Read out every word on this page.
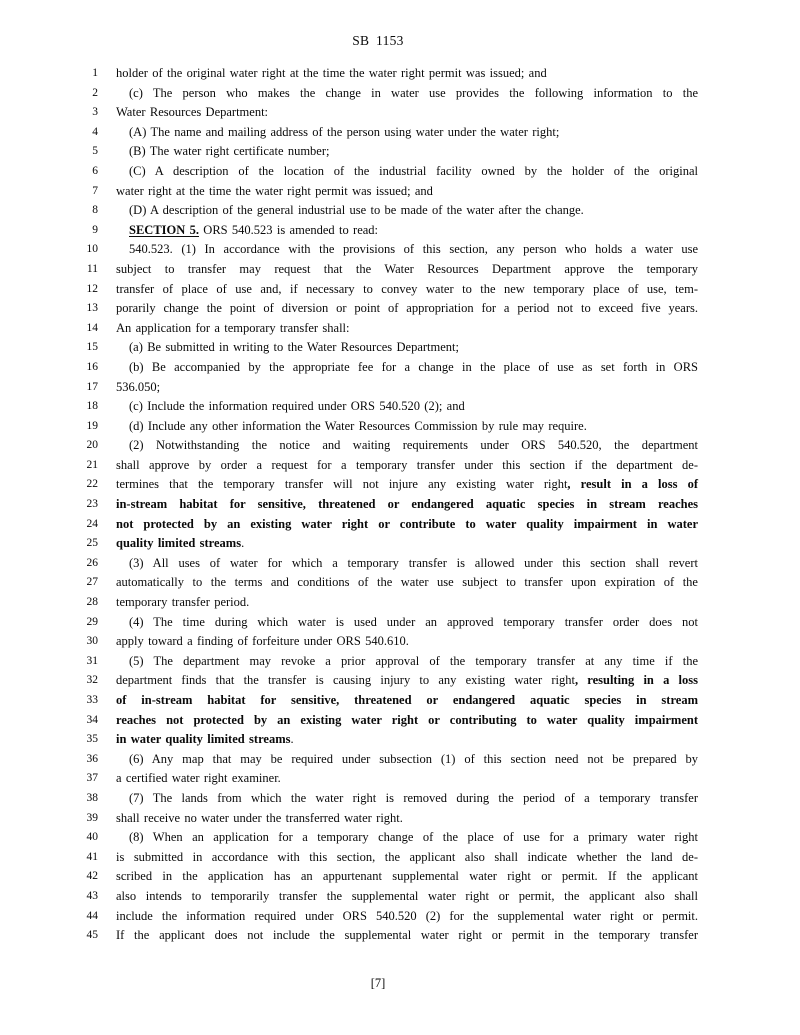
SB 1153
1 holder of the original water right at the time the water right permit was issued; and
2	(c) The person who makes the change in water use provides the following information to the
3 Water Resources Department:
4	(A) The name and mailing address of the person using water under the water right;
5	(B) The water right certificate number;
6	(C) A description of the location of the industrial facility owned by the holder of the original
7 water right at the time the water right permit was issued; and
8	(D) A description of the general industrial use to be made of the water after the change.
9	SECTION 5. ORS 540.523 is amended to read:
10	540.523. (1) In accordance with the provisions of this section, any person who holds a water use
11 subject to transfer may request that the Water Resources Department approve the temporary
12 transfer of place of use and, if necessary to convey water to the new temporary place of use, tem-
13 porarily change the point of diversion or point of appropriation for a period not to exceed five years.
14 An application for a temporary transfer shall:
15	(a) Be submitted in writing to the Water Resources Department;
16	(b) Be accompanied by the appropriate fee for a change in the place of use as set forth in ORS
17 536.050;
18	(c) Include the information required under ORS 540.520 (2); and
19	(d) Include any other information the Water Resources Commission by rule may require.
20	(2) Notwithstanding the notice and waiting requirements under ORS 540.520, the department
21 shall approve by order a request for a temporary transfer under this section if the department de-
22 termines that the temporary transfer will not injure any existing water right, result in a loss of
23 in-stream habitat for sensitive, threatened or endangered aquatic species in stream reaches
24 not protected by an existing water right or contribute to water quality impairment in water
25 quality limited streams.
26	(3) All uses of water for which a temporary transfer is allowed under this section shall revert
27 automatically to the terms and conditions of the water use subject to transfer upon expiration of the
28 temporary transfer period.
29	(4) The time during which water is used under an approved temporary transfer order does not
30 apply toward a finding of forfeiture under ORS 540.610.
31	(5) The department may revoke a prior approval of the temporary transfer at any time if the
32 department finds that the transfer is causing injury to any existing water right, resulting in a loss
33 of in-stream habitat for sensitive, threatened or endangered aquatic species in stream
34 reaches not protected by an existing water right or contributing to water quality impairment
35 in water quality limited streams.
36	(6) Any map that may be required under subsection (1) of this section need not be prepared by
37 a certified water right examiner.
38	(7) The lands from which the water right is removed during the period of a temporary transfer
39 shall receive no water under the transferred water right.
40	(8) When an application for a temporary change of the place of use for a primary water right
41 is submitted in accordance with this section, the applicant also shall indicate whether the land de-
42 scribed in the application has an appurtenant supplemental water right or permit. If the applicant
43 also intends to temporarily transfer the supplemental water right or permit, the applicant also shall
44 include the information required under ORS 540.520 (2) for the supplemental water right or permit.
45 If the applicant does not include the supplemental water right or permit in the temporary transfer
[7]
